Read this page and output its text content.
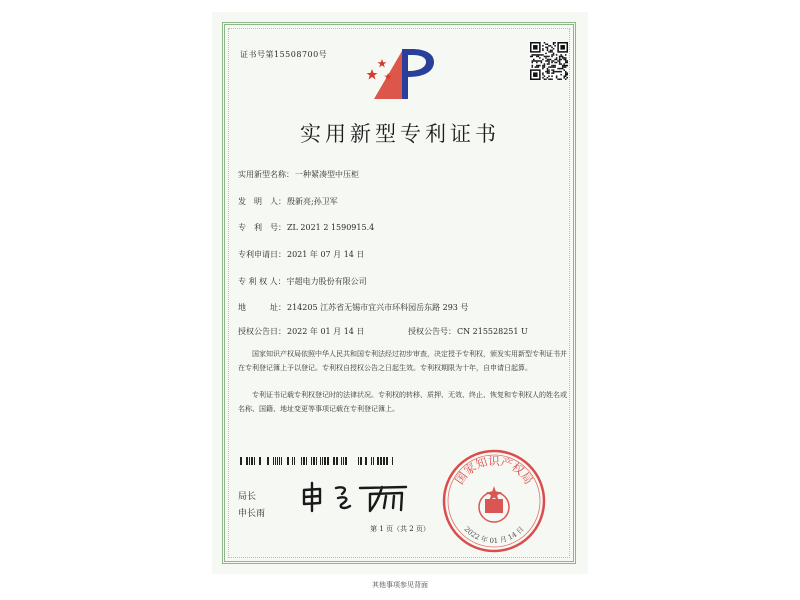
证书号第15508700号
实用新型专利证书
实用新型名称：一种紧凑型中压柜
发　明　人：殷新亮;孙卫军
专　利　号：ZL 2021 2 1590915.4
专利申请日：2021 年 07 月 14 日
专 利 权 人：宇超电力股份有限公司
地　　　址：214205 江苏省无锡市宜兴市环科园岳东路 293 号
授权公告日：2022 年 01 月 14 日	授权公告号：CN 215528251 U
国家知识产权局依照中华人民共和国专利法经过初步审查，决定授予专利权，颁发实用新型专利证书并在专利登记簿上予以登记。专利权自授权公告之日起生效。专利权期限为十年，自申请日起算。
专利证书记载专利权登记时的法律状况。专利权的转移、质押、无效、终止、恢复和专利权人的姓名或名称、国籍、地址变更等事项记载在专利登记簿上。
局长
申长雨
国家知识产权局
2022 年 01 月 14 日
第 1 页（共 2 页）
其他事项参见背面
